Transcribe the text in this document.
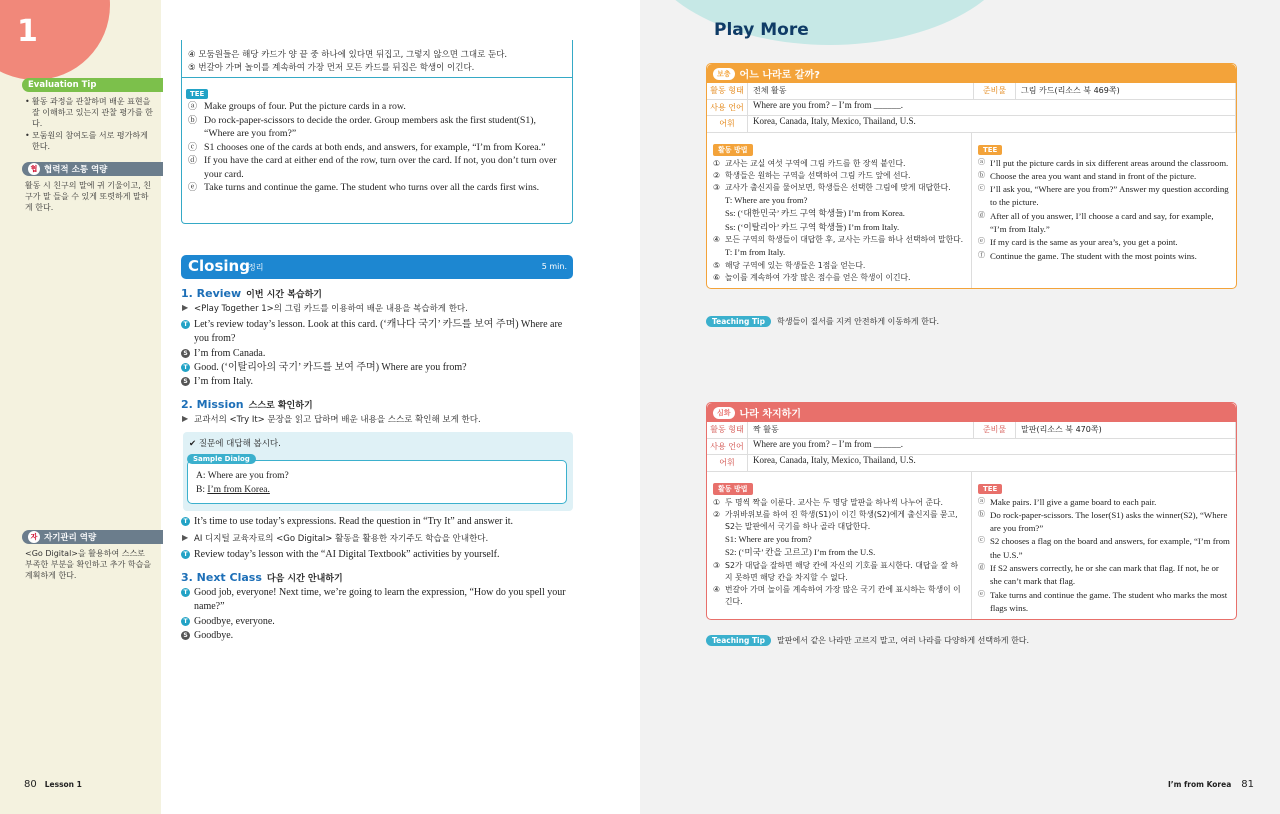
1
Evaluation Tip
• 활동 과정을 관찰하며 배운 표현을 잘 이해하고 있는지 관찰 평가를 한다.
• 모둠원의 참여도를 서로 평가하게 한다.
협 협력적 소통 역량
활동 시 친구의 말에 귀 기울이고, 친구가 말 들을 수 있게 또렷하게 말하게 한다.
자 자기관리 역량
<Go Digital>을 활용하여 스스로 부족한 부분을 확인하고 추가 학습을 계획하게 한다.
④ 모둠원들은 해당 카드가 양 끝 중 하나에 있다면 뒤집고, 그렇지 않으면 그대로 둔다.
⑤ 번갈아 가며 놀이를 계속하여 가장 먼저 모든 카드를 뒤집은 학생이 이긴다.
TEE
ⓐ Make groups of four. Put the picture cards in a row.
ⓑ Do rock-paper-scissors to decide the order. Group members ask the first student(S1), “Where are you from?”
ⓒ S1 chooses one of the cards at both ends, and answers, for example, “I’m from Korea.”
ⓓ If you have the card at either end of the row, turn over the card. If not, you don’t turn over your card.
ⓔ Take turns and continue the game. The student who turns over all the cards first wins.
Closing
정리	5 min.
1. Review 이번 시간 복습하기
▶ <Play Together 1>의 그림 카드를 이용하여 배운 내용을 복습하게 한다.
T Let’s review today’s lesson. Look at this card. (‘캐나다 국기’ 카드를 보여 주며) Where are you from?
S I’m from Canada.
T Good. (‘이탈리아의 국기’ 카드를 보여 주며) Where are you from?
S I’m from Italy.
2. Mission 스스로 확인하기
▶ 교과서의 <Try It> 문장을 읽고 답하며 배운 내용을 스스로 확인해 보게 한다.
✔ 질문에 대답해 봅시다.
Sample Dialog
A: Where are you from?
B: I’m from Korea.
T It’s time to use today’s expressions. Read the question in “Try It” and answer it.
▶ AI 디지털 교육자료의 <Go Digital> 활동을 활용한 자기주도 학습을 안내한다.
T Review today’s lesson with the “AI Digital Textbook” activities by yourself.
3. Next Class 다음 시간 안내하기
T Good job, everyone! Next time, we’re going to learn the expression, “How do you spell your name?”
T Goodbye, everyone.
S Goodbye.
80 Lesson 1
Play More
보충 어느 나라로 갈까?
활동 형태	전체 활동	준비물	그림 카드(리소스 북 469쪽)
사용 언어	Where are you from? – I’m from ______.
어휘	Korea, Canada, Italy, Mexico, Thailand, U.S.
활동 방법
① 교사는 교실 여섯 구역에 그림 카드를 한 장씩 붙인다.
② 학생들은 원하는 구역을 선택하여 그림 카드 앞에 선다.
③ 교사가 출신지를 물어보면, 학생들은 선택한 그림에 맞게 대답한다.
T: Where are you from?
Ss: (‘대한민국’ 카드 구역 학생들) I’m from Korea.
Ss: (‘이탈리아’ 카드 구역 학생들) I’m from Italy.
④ 모든 구역의 학생들이 대답한 후, 교사는 카드를 하나 선택하여 말한다.
T: I’m from Italy.
⑤ 해당 구역에 있는 학생들은 1점을 얻는다.
⑥ 놀이를 계속하여 가장 많은 점수를 얻은 학생이 이긴다.
TEE
ⓐ I’ll put the picture cards in six different areas around the classroom.
ⓑ Choose the area you want and stand in front of the picture.
ⓒ I’ll ask you, “Where are you from?” Answer my question according to the picture.
ⓓ After all of you answer, I’ll choose a card and say, for example, “I’m from Italy.”
ⓔ If my card is the same as your area’s, you get a point.
ⓕ Continue the game. The student with the most points wins.
Teaching Tip	학생들이 질서를 지켜 안전하게 이동하게 한다.
심화 나라 차지하기
활동 형태	짝 활동	준비물	말판(리소스 북 470쪽)
사용 언어	Where are you from? – I’m from ______.
어휘	Korea, Canada, Italy, Mexico, Thailand, U.S.
활동 방법
① 두 명씩 짝을 이룬다. 교사는 두 명당 말판을 하나씩 나누어 준다.
② 가위바위보를 하여 진 학생(S1)이 이긴 학생(S2)에게 출신지를 묻고, S2는 말판에서 국기를 하나 골라 대답한다.
S1: Where are you from?
S2: (‘미국’ 칸을 고르고) I’m from the U.S.
③ S2가 대답을 잘하면 해당 칸에 자신의 기호를 표시한다. 대답을 잘 하지 못하면 해당 칸을 차지할 수 없다.
④ 번갈아 가며 놀이를 계속하여 가장 많은 국기 칸에 표시하는 학생이 이긴다.
TEE
ⓐ Make pairs. I’ll give a game board to each pair.
ⓑ Do rock-paper-scissors. The loser(S1) asks the winner(S2), “Where are you from?”
ⓒ S2 chooses a flag on the board and answers, for example, “I’m from the U.S.”
ⓓ If S2 answers correctly, he or she can mark that flag. If not, he or she can’t mark that flag.
ⓔ Take turns and continue the game. The student who marks the most flags wins.
Teaching Tip	말판에서 같은 나라만 고르지 말고, 여러 나라를 다양하게 선택하게 한다.
I’m from Korea 81
